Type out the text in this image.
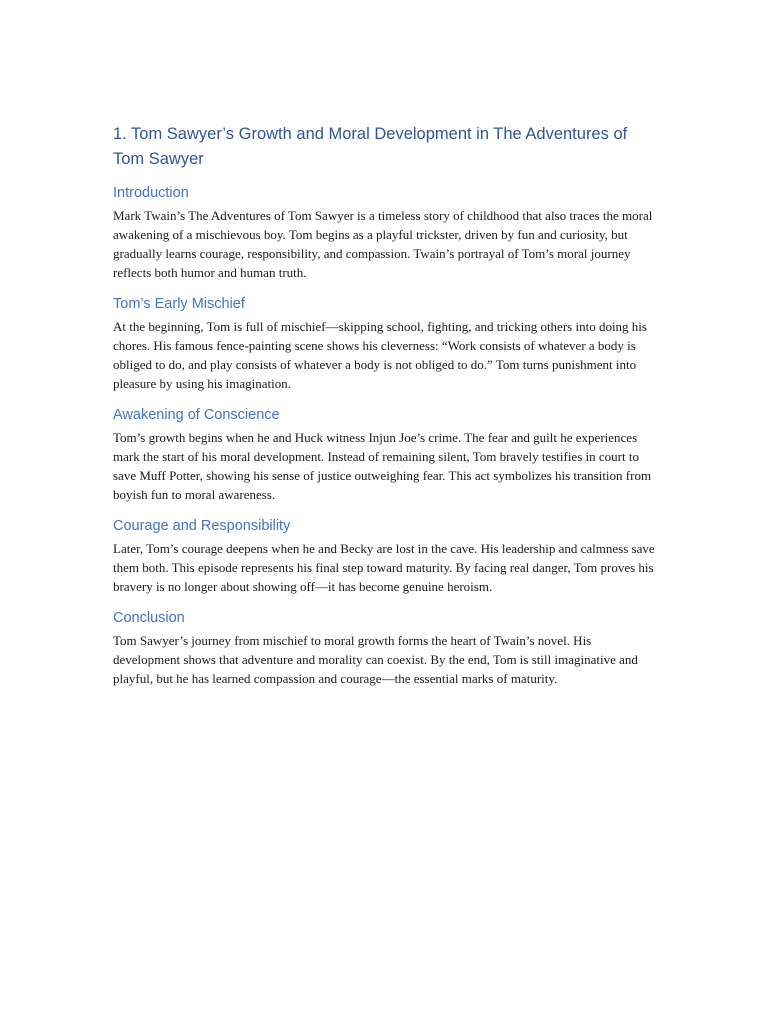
1. Tom Sawyer’s Growth and Moral Development in The Adventures of Tom Sawyer
Introduction

Mark Twain’s The Adventures of Tom Sawyer is a timeless story of childhood that also traces the moral awakening of a mischievous boy. Tom begins as a playful trickster, driven by fun and curiosity, but gradually learns courage, responsibility, and compassion. Twain’s portrayal of Tom’s moral journey reflects both humor and human truth.

Tom’s Early Mischief

At the beginning, Tom is full of mischief—skipping school, fighting, and tricking others into doing his chores. His famous fence-painting scene shows his cleverness: “Work consists of whatever a body is obliged to do, and play consists of whatever a body is not obliged to do.” Tom turns punishment into pleasure by using his imagination.

Awakening of Conscience

Tom’s growth begins when he and Huck witness Injun Joe’s crime. The fear and guilt he experiences mark the start of his moral development. Instead of remaining silent, Tom bravely testifies in court to save Muff Potter, showing his sense of justice outweighing fear. This act symbolizes his transition from boyish fun to moral awareness.

Courage and Responsibility

Later, Tom’s courage deepens when he and Becky are lost in the cave. His leadership and calmness save them both. This episode represents his final step toward maturity. By facing real danger, Tom proves his bravery is no longer about showing off—it has become genuine heroism.

Conclusion

Tom Sawyer’s journey from mischief to moral growth forms the heart of Twain’s novel. His development shows that adventure and morality can coexist. By the end, Tom is still imaginative and playful, but he has learned compassion and courage—the essential marks of maturity.
